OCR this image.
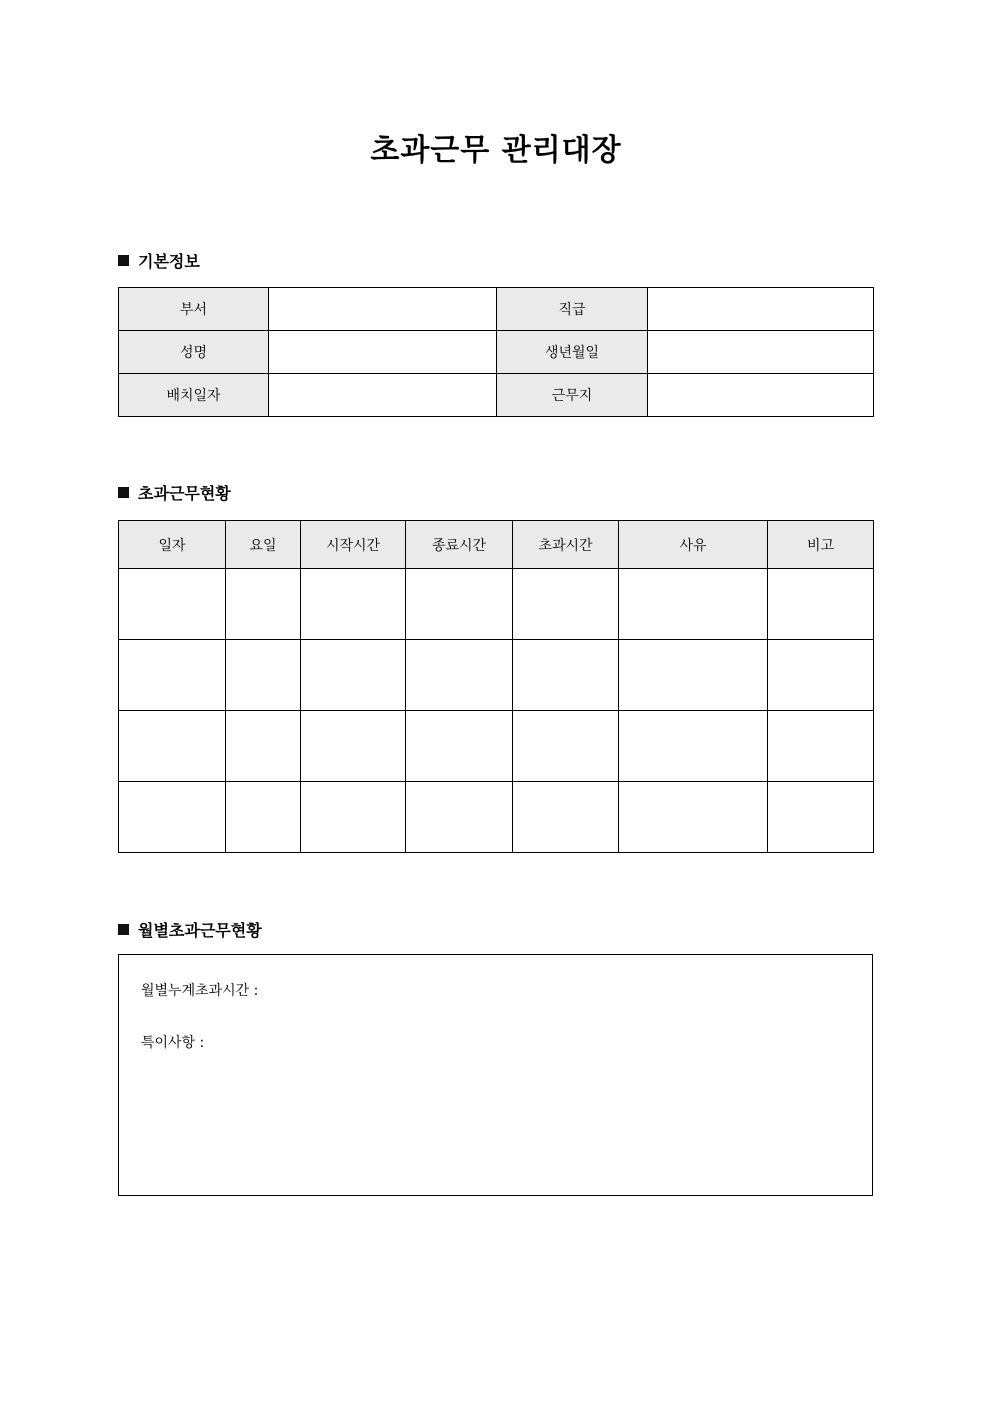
초과근무 관리대장
기본정보
부서		직급	
성명		생년월일	
배치일자		근무지	
초과근무현황
일자	요일	시작시간	종료시간	초과시간	사유	비고

월별초과근무현황
월별누계초과시간 :
특이사항 :
